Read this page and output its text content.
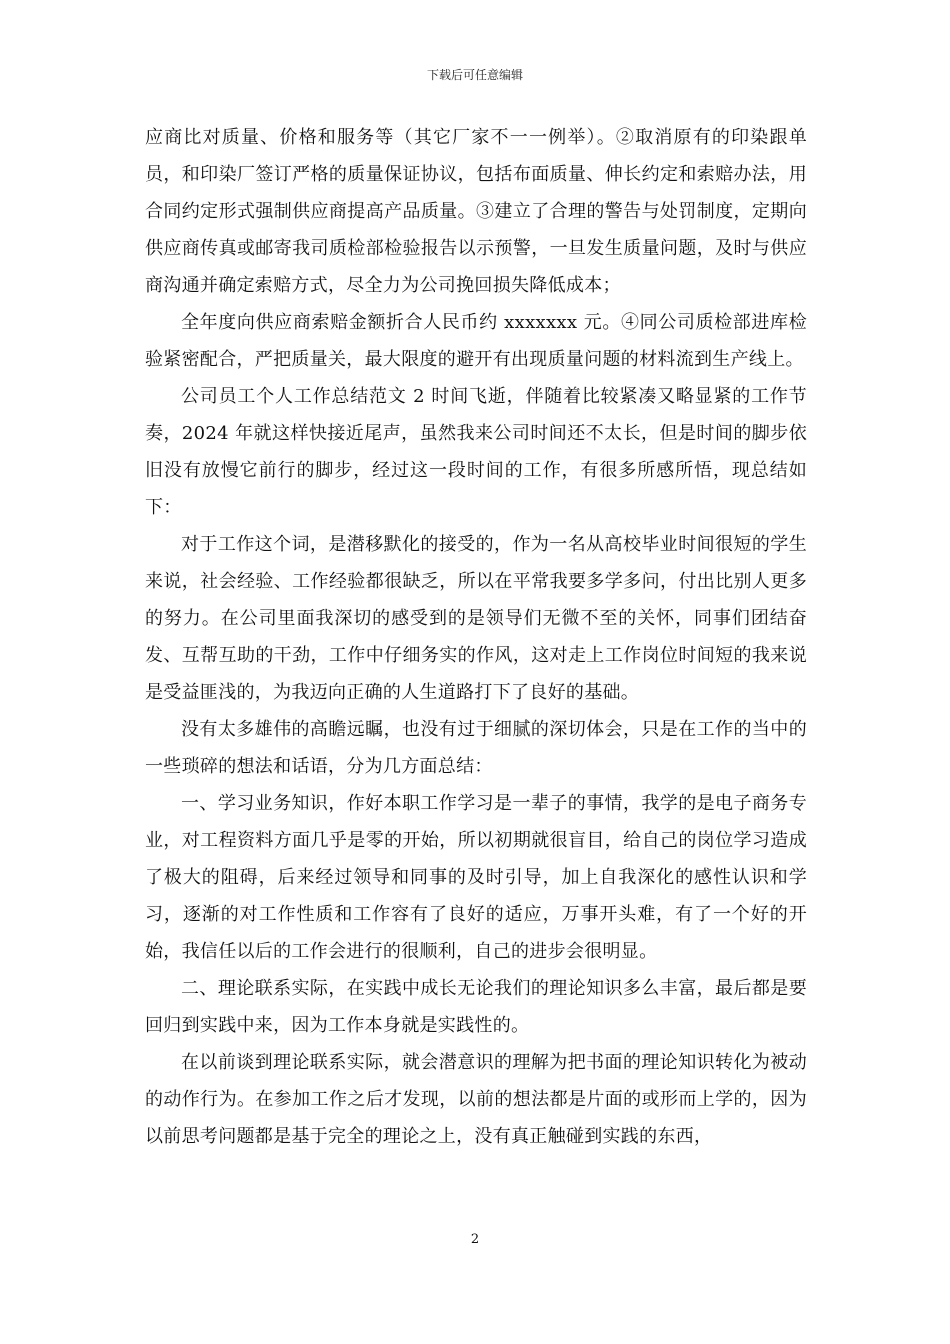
下载后可任意编辑

应商比对质量、价格和服务等（其它厂家不一一例举）。②取消原有的印染跟单员，和印染厂签订严格的质量保证协议，包括布面质量、伸长约定和索赔办法，用合同约定形式强制供应商提高产品质量。③建立了合理的警告与处罚制度，定期向供应商传真或邮寄我司质检部检验报告以示预警，一旦发生质量问题，及时与供应商沟通并确定索赔方式，尽全力为公司挽回损失降低成本；

全年度向供应商索赔金额折合人民币约 xxxxxxx 元。④同公司质检部进库检验紧密配合，严把质量关，最大限度的避开有出现质量问题的材料流到生产线上。

公司员工个人工作总结范文 2 时间飞逝，伴随着比较紧凑又略显紧的工作节奏，2024 年就这样快接近尾声，虽然我来公司时间还不太长，但是时间的脚步依旧没有放慢它前行的脚步，经过这一段时间的工作，有很多所感所悟，现总结如下：

对于工作这个词，是潜移默化的接受的，作为一名从高校毕业时间很短的学生来说，社会经验、工作经验都很缺乏，所以在平常我要多学多问，付出比别人更多的努力。在公司里面我深切的感受到的是领导们无微不至的关怀，同事们团结奋发、互帮互助的干劲，工作中仔细务实的作风，这对走上工作岗位时间短的我来说是受益匪浅的，为我迈向正确的人生道路打下了良好的基础。

没有太多雄伟的高瞻远瞩，也没有过于细腻的深切体会，只是在工作的当中的一些琐碎的想法和话语，分为几方面总结：

一、学习业务知识，作好本职工作学习是一辈子的事情，我学的是电子商务专业，对工程资料方面几乎是零的开始，所以初期就很盲目，给自己的岗位学习造成了极大的阻碍，后来经过领导和同事的及时引导，加上自我深化的感性认识和学习，逐渐的对工作性质和工作容有了良好的适应，万事开头难，有了一个好的开始，我信任以后的工作会进行的很顺利，自己的进步会很明显。

二、理论联系实际，在实践中成长无论我们的理论知识多么丰富，最后都是要回归到实践中来，因为工作本身就是实践性的。

在以前谈到理论联系实际，就会潜意识的理解为把书面的理论知识转化为被动的动作行为。在参加工作之后才发现，以前的想法都是片面的或形而上学的，因为以前思考问题都是基于完全的理论之上，没有真正触碰到实践的东西，

2
